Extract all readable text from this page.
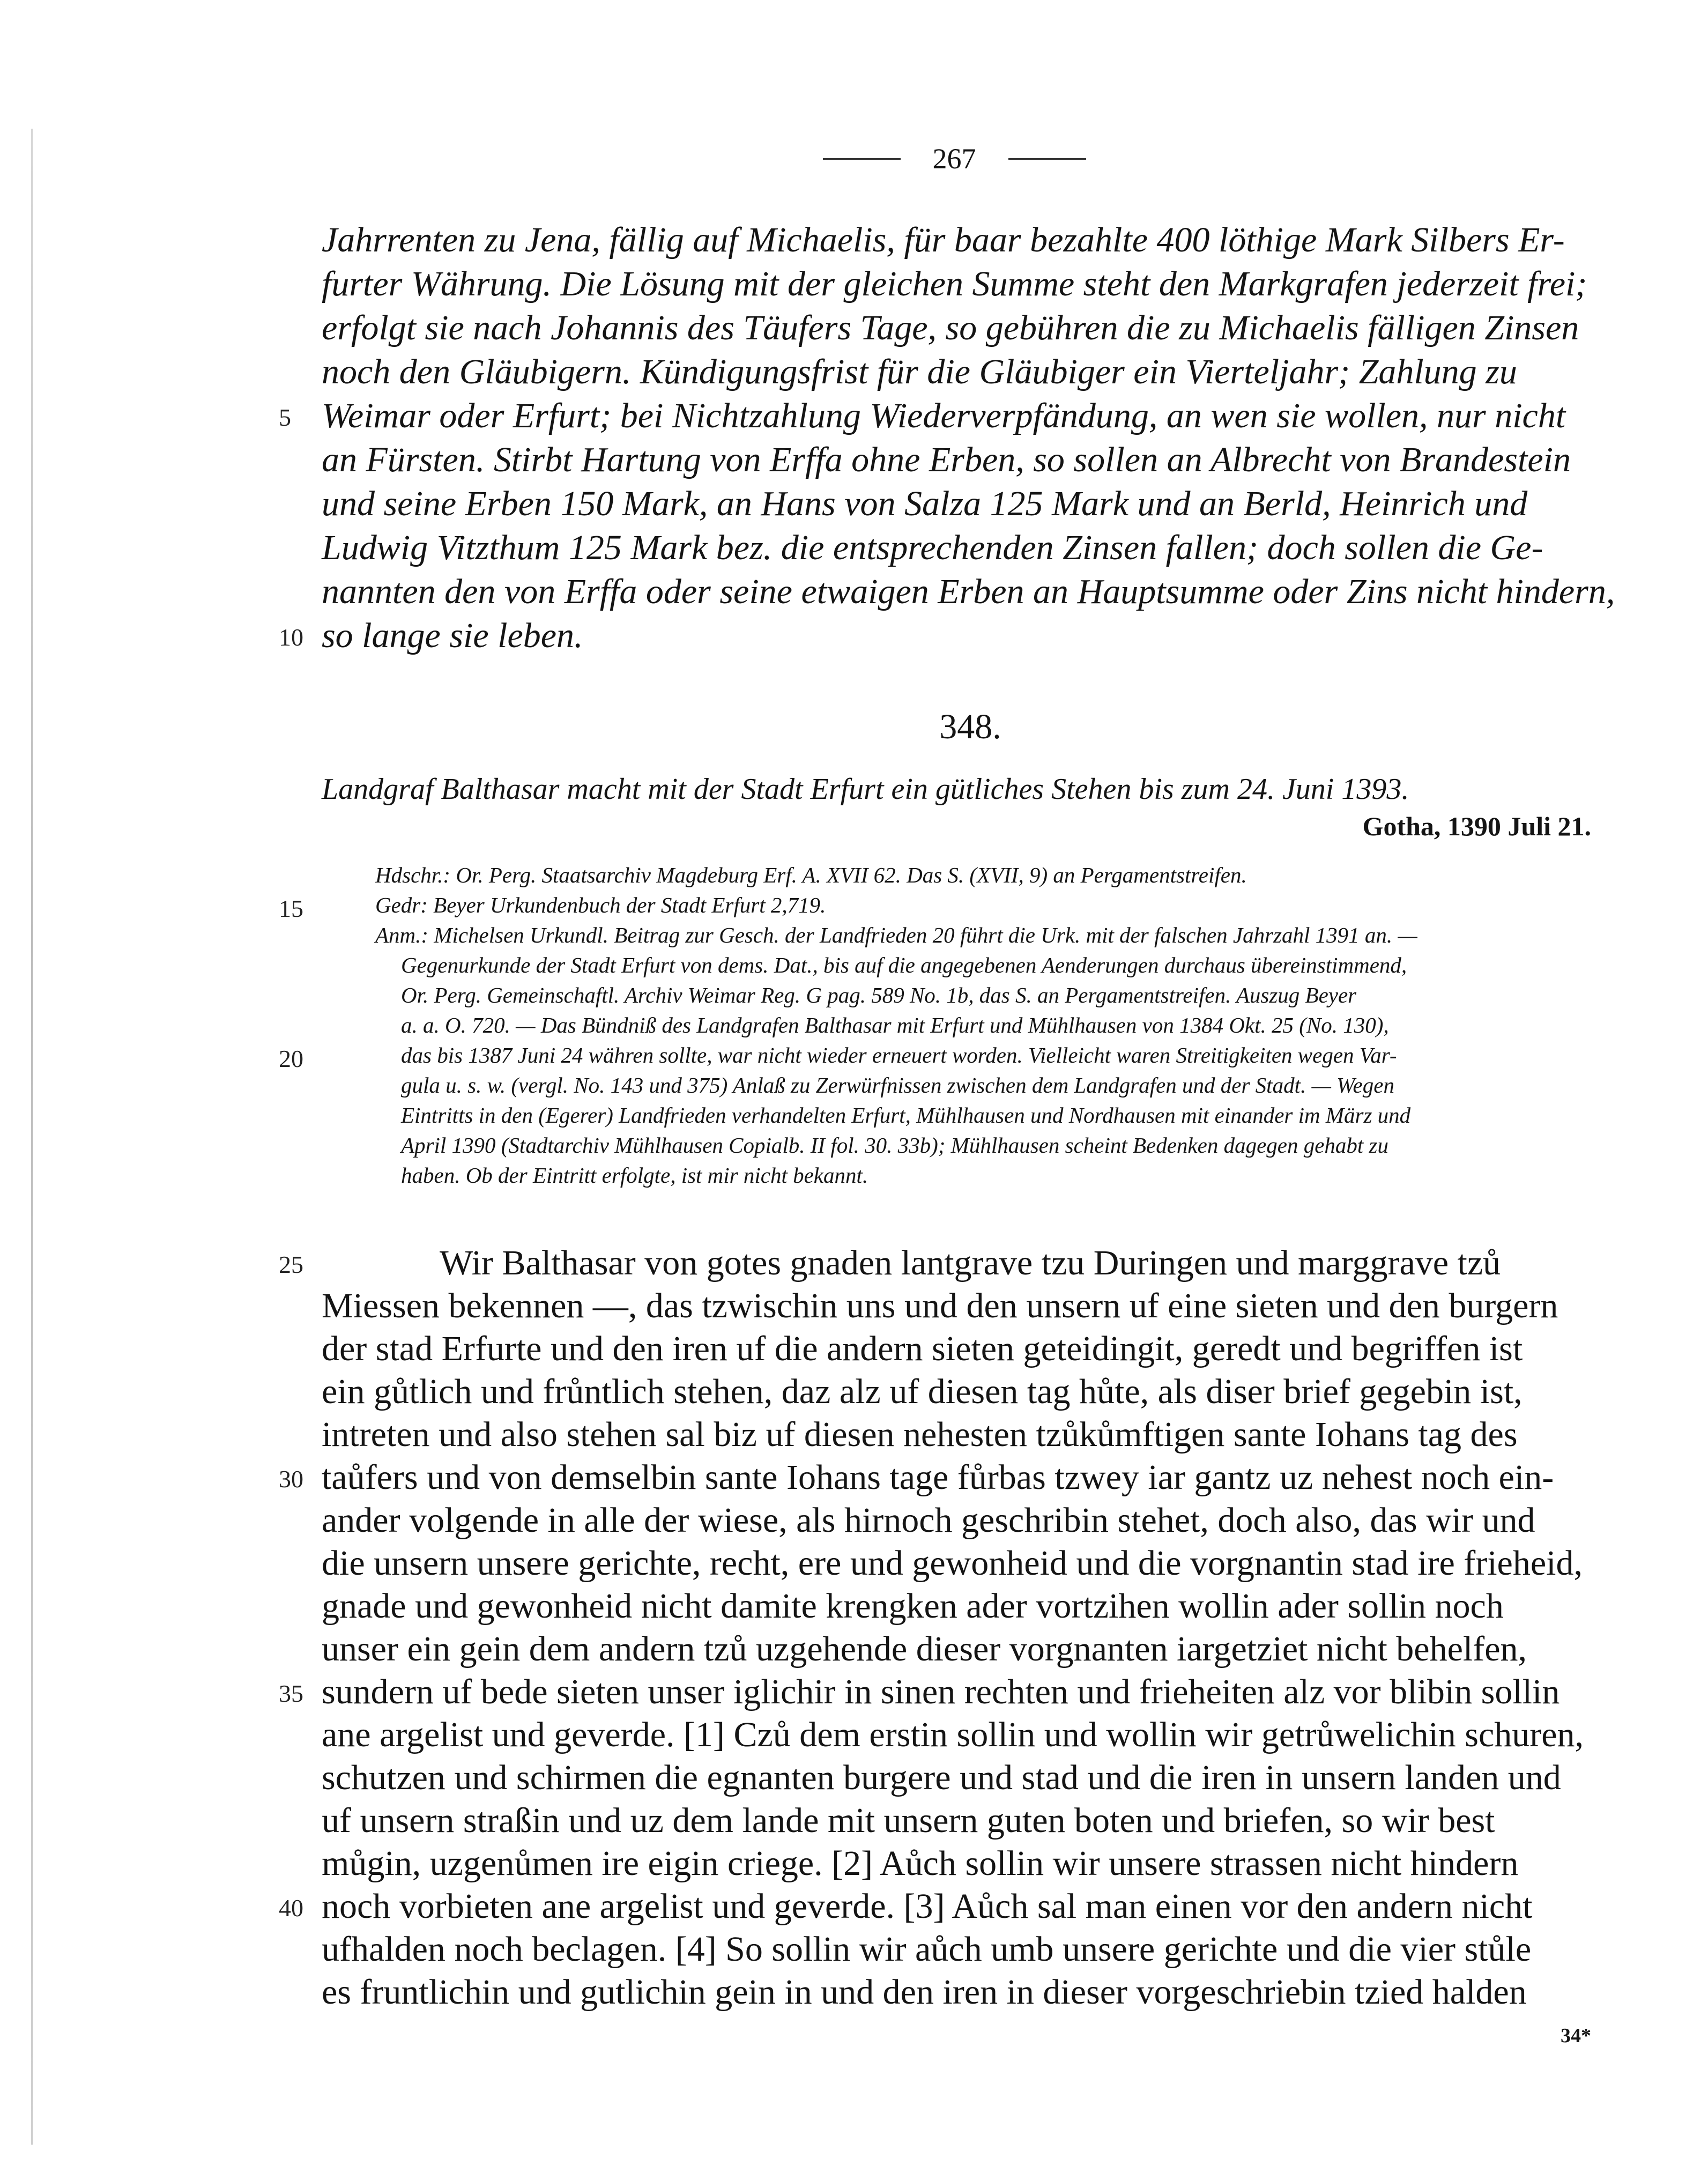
267
Jahrrenten zu Jena, fällig auf Michaelis, für baar bezahlte 400 löthige Mark Silbers Er-
furter Währung. Die Lösung mit der gleichen Summe steht den Markgrafen jederzeit frei;
erfolgt sie nach Johannis des Täufers Tage, so gebühren die zu Michaelis fälligen Zinsen
noch den Gläubigern. Kündigungsfrist für die Gläubiger ein Vierteljahr; Zahlung zu
Weimar oder Erfurt; bei Nichtzahlung Wiederverpfändung, an wen sie wollen, nur nicht
an Fürsten. Stirbt Hartung von Erffa ohne Erben, so sollen an Albrecht von Brandestein
und seine Erben 150 Mark, an Hans von Salza 125 Mark und an Berld, Heinrich und
Ludwig Vitzthum 125 Mark bez. die entsprechenden Zinsen fallen; doch sollen die Ge-
nannten den von Erffa oder seine etwaigen Erben an Hauptsumme oder Zins nicht hindern,
so lange sie leben.
348.
Landgraf Balthasar macht mit der Stadt Erfurt ein gütliches Stehen bis zum 24. Juni 1393.
Gotha, 1390 Juli 21.
Hdschr.: Or. Perg. Staatsarchiv Magdeburg Erf. A. XVII 62. Das S. (XVII, 9) an Pergamentstreifen.
Gedr: Beyer Urkundenbuch der Stadt Erfurt 2,719.
Anm.: Michelsen Urkundl. Beitrag zur Gesch. der Landfrieden 20 führt die Urk. mit der falschen Jahrzahl 1391 an. —
Gegenurkunde der Stadt Erfurt von dems. Dat., bis auf die angegebenen Aenderungen durchaus übereinstimmend,
Or. Perg. Gemeinschaftl. Archiv Weimar Reg. G pag. 589 No. 1b, das S. an Pergamentstreifen. Auszug Beyer
a. a. O. 720. — Das Bündniß des Landgrafen Balthasar mit Erfurt und Mühlhausen von 1384 Okt. 25 (No. 130),
das bis 1387 Juni 24 währen sollte, war nicht wieder erneuert worden. Vielleicht waren Streitigkeiten wegen Var-
gula u. s. w. (vergl. No. 143 und 375) Anlaß zu Zerwürfnissen zwischen dem Landgrafen und der Stadt. — Wegen
Eintritts in den (Egerer) Landfrieden verhandelten Erfurt, Mühlhausen und Nordhausen mit einander im März und
April 1390 (Stadtarchiv Mühlhausen Copialb. II fol. 30. 33b); Mühlhausen scheint Bedenken dagegen gehabt zu
haben. Ob der Eintritt erfolgte, ist mir nicht bekannt.
Wir Balthasar von gotes gnaden lantgrave tzu Duringen und marggrave tzů
Miessen bekennen —, das tzwischin uns und den unsern uf eine sieten und den burgern
der stad Erfurte und den iren uf die andern sieten geteidingit, geredt und begriffen ist
ein gůtlich und frůntlich stehen, daz alz uf diesen tag hůte, als diser brief gegebin ist,
intreten und also stehen sal biz uf diesen nehesten tzůkůmftigen sante Iohans tag des
taůfers und von demselbin sante Iohans tage fůrbas tzwey iar gantz uz nehest noch ein-
ander volgende in alle der wiese, als hirnoch geschribin stehet, doch also, das wir und
die unsern unsere gerichte, recht, ere und gewonheid und die vorgnantin stad ire frieheid,
gnade und gewonheid nicht damite krengken ader vortzihen wollin ader sollin noch
unser ein gein dem andern tzů uzgehende dieser vorgnanten iargetziet nicht behelfen,
sundern uf bede sieten unser iglichir in sinen rechten und frieheiten alz vor blibin sollin
ane argelist und geverde. [1] Czů dem erstin sollin und wollin wir getrůwelichin schuren,
schutzen und schirmen die egnanten burgere und stad und die iren in unsern landen und
uf unsern straßin und uz dem lande mit unsern guten boten und briefen, so wir best
můgin, uzgenůmen ire eigin criege. [2] Aůch sollin wir unsere strassen nicht hindern
noch vorbieten ane argelist und geverde. [3] Aůch sal man einen vor den andern nicht
ufhalden noch beclagen. [4] So sollin wir aůch umb unsere gerichte und die vier stůle
es fruntlichin und gutlichin gein in und den iren in dieser vorgeschriebin tzied halden
5
10
15
20
25
30
35
40
34*
